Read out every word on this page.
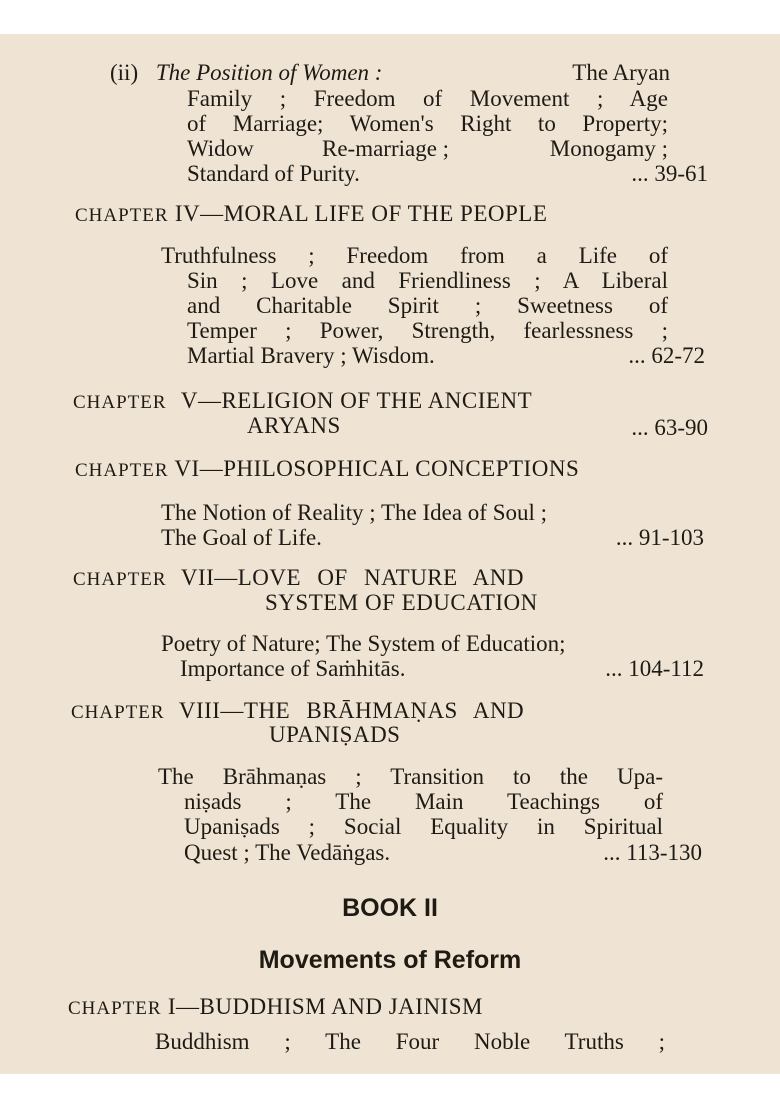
(ii) The Position of Women :	The Aryan
Family ; Freedom of Movement ; Age
of Marriage; Women's Right to Property;
Widow	Re-marriage ;	Monogamy ;
Standard of Purity.	... 39-61
CHAPTER IV—MORAL LIFE OF THE PEOPLE
Truthfulness ; Freedom from a Life of
Sin ; Love and Friendliness ; A Liberal
and Charitable Spirit ; Sweetness of
Temper ; Power, Strength, fearlessness ;
Martial Bravery ; Wisdom.	... 62-72
CHAPTER V—RELIGION OF THE ANCIENT
ARYANS	... 63-90
CHAPTER VI—PHILOSOPHICAL CONCEPTIONS
The Notion of Reality ; The Idea of Soul ;
The Goal of Life.	... 91-103
CHAPTER VII—LOVE OF NATURE AND
SYSTEM OF EDUCATION
Poetry of Nature; The System of Education;
Importance of Saṁhitās.	... 104-112
CHAPTER VIII—THE BRĀHMAṆAS AND
UPANIṢADS
The Brāhmaṇas ; Transition to the Upa-
niṣads ; The Main Teachings of
Upaniṣads ; Social Equality in Spiritual
Quest ; The Vedāṅgas.	... 113-130
BOOK II
Movements of Reform
CHAPTER I—BUDDHISM AND JAINISM
Buddhism ; The Four Noble Truths ;
